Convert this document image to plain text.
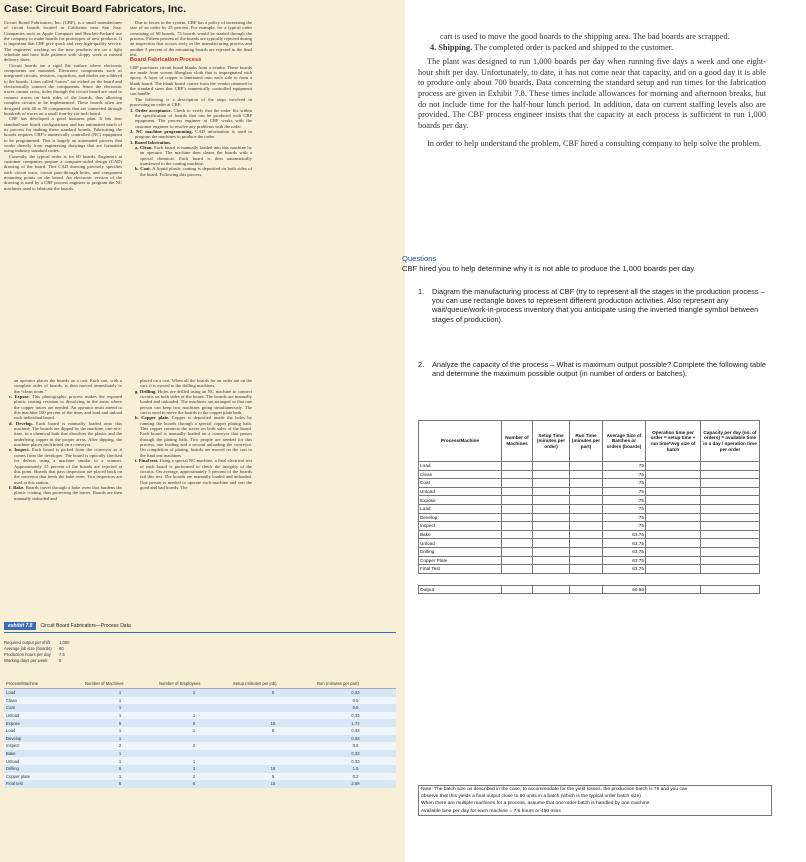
Case: Circuit Board Fabricators, Inc.

Circuit Board Fabricators, Inc. (CBF), is a small manufacturer of circuit boards located in California near San Jose. Companies such as Apple Computer and Hewlett-Packard use the company to make boards for prototypes of new products. It is important that CBF give quick and very high-quality service. The engineers working on the new products are on a tight schedule and have little patience with sloppy work or missed delivery dates.

Circuit boards are a rigid flat surface where electronic components are mounted. Electronic components such as integrated circuits, resistors, capacitors, and diodes are soldered to the boards. Lines called “traces” are etched on the board and electronically connect the components. Since the electronic traces cannot cross, holes through the circuit board are used to connect traces on both sides of the boards, thus allowing complex circuits to be implemented. These boards often are designed with 40 to 50 components that are connected through hundreds of traces on a small four-by six-inch board.

CBF has developed a good business plan. It has four standard-size board configurations and has automated much of its process for making these standard boards. Fabricating the boards requires CBF’s numerically controlled (NC) equipment to be programmed. This is largely an automated process that works directly from engineering drawings that are formatted using industry standard codes.

Currently, the typical order is for 60 boards. Engineers at customer companies prepare a computer-aided design (CAD) drawing of the board. This CAD drawing precisely specifies each circuit trace, circuit pass-through holes, and component mounting points on the board. An electronic version of the drawing is used by a CBF process engineer to program the NC machines used to fabricate the boards.

Due to losses in the system, CBF has a policy of increasing the size of an order by 25 percent. For example, for a typical order consisting of 60 boards, 75 boards would be started through the process. Fifteen percent of the boards are typically rejected during an inspection that occurs early in the manufacturing process and another 5 percent of the remaining boards are rejected in the final test.

Board Fabrication Process

CBF purchases circuit board blanks from a vendor. These boards are made from woven fiberglass cloth that is impregnated with epoxy. A layer of copper is laminated onto each side to form a blank board. The blank board comes from the vendor trimmed to the standard sizes that CBF’s numerically controlled equipment can handle.

The following is a description of the steps involved in processing an order at CBF:

1. Order acceptance. Check to verify that the order fits within the specification of boards that can be produced with CBF equipment. The process engineer at CBF works with the customer engineer to resolve any problems with the order.

2. NC machine programming. CAD information is used to program the machines to produce the order.

3. Board fabrication.

a. Clean. Each board is manually loaded into this machine by an operator. The machine then cleans the boards with a special chemical. Each board is then automatically transferred to the coating machine.

b. Coat. A liquid plastic coating is deposited on both sides of the board. Following this process,

an operator places the boards on a cart. Each cart, with a complete order of boards, is then moved immediately to the “clean room.”

c. Expose. This photographic process makes the exposed plastic coating resistant to dissolving in the areas where the copper traces are needed. An operator must attend to this machine 100 percent of the time, and load and unload each individual board.

d. Develop. Each board is manually loaded onto this machine. The boards are dipped by the machine, one-at-a-time, in a chemical bath that dissolves the plastic and the underlying copper in the proper areas. After dipping, the machine places each board on a conveyor.

e. Inspect. Each board is picked from the conveyor as it comes from the developer. The board is optically checked for defects using a machine similar to a scanner. Approximately 15 percent of the boards are rejected at this point. Boards that pass inspection are placed back on the conveyor that feeds the bake oven. Two inspectors are used at this station.

f. Bake. Boards travel through a bake oven that hardens the plastic coating, thus protecting the traces. Boards are then manually unloaded and

placed on a cart. When all the boards for an order are on the cart, it is moved to the drilling machines.

g. Drilling. Holes are drilled using an NC machine to connect circuits on both sides of the board. The boards are manually loaded and unloaded. The machines are arranged so that one person can keep two machines going simultaneously. The cart is used to move the boards to the copper plate bath.

h. Copper plate. Copper is deposited inside the holes by running the boards through a special copper plating bath. This copper connects the traces on both sides of the board. Each board is manually loaded on a conveyor that passes through the plating bath. Two people are needed for this process, one loading and a second unloading the conveyor. On completion of plating, boards are moved on the cart to the final test machines.

i. Final test. Using a special NC machine, a final electrical test of each board is performed to check the integrity of the circuits. On average, approximately 5 percent of the boards fail this test. The boards are manually loaded and unloaded. One person is needed to operate each machine and sort the good and bad boards. The

exhibit 7.8 Circuit Board Fabricators—Process Data
Required output per shift 1,000
Average job size (boards) 60
Production hours per day 7.5
Working days per week	5
Process/Machine	Number of Machines	Number of Employees	Setup (minutes per job)	Run (minutes per part)
Load	1	1	5	0.33
Clean	1			0.5
Coat	1			0.5
Unload	1	1		0.33
Expose	5	5	15	1.72
Load	1	1	5	0.33
Develop	1			0.33
Inspect	2	2		0.5
Bake	1			0.33
Unload	1	1		0.33
Drilling	6	3	15	1.5
Copper plate	1	2	5	0.2
Final test	6	6	15	2.69

cart is used to move the good boards to the shipping area. The bad boards are scrapped.

4. Shipping. The completed order is packed and shipped to the customer.

The plant was designed to run 1,000 boards per day when running five days a week and one eight-hour shift per day. Unfortunately, to date, it has not come near that capacity, and on a good day it is able to produce only about 700 boards. Data concerning the standard setup and run times for the fabrication process are given in Exhibit 7.8. These times include allowances for morning and afternoon breaks, but do not include time for the half-hour lunch period. In addition, data on current staffing levels also are provided. The CBF process engineer insists that the capacity at each process is sufficient to run 1,000 boards per day.

In order to help understand the problem, CBF hired a consulting company to help solve the problem.

Questions
CBF hired you to help determine why it is not able to produce the 1,000 boards per day.
1.	Diagram the manufacturing process at CBF (try to represent all the stages in the production process – you can use rectangle boxes to represent different production activities. Also represent any wait/queue/work-in-process inventory that you anticipate using the inverted triangle symbol between stages of production).
2.	Analyze the capacity of the process – What is maximum output possible? Complete the following table and determine the maximum possible output (in number of orders or batches).
Process/Machine	Number of Machines	Setup Time (minutes per order)	Run Time (minutes per part)	Average Size of Batches or orders (boards)	Operation time per order = setup time + run time*Avg size of batch	Capacity per day (no. of orders) = available time in a day / operation time per order
Load				75		
Clean				75		
Coat				75		
Unload				75		
Expose				75		
Load				75		
Develop				75		
Inspect				75		
Bake				63.75		
Unload				63.75		
Drilling				63.75		
Copper Plate				63.75		
Final Test				63.75		

Output				60.56		
Note: The batch size as described in the case, to accommodate for the yield losses, the production batch is 75 and you can
observe that this yields a final output close to 60 units in a batch (which is the typical order batch size)
When there are multiple machines for a process, assume that one order batch is handled by one machine.
Available time per day for each machine = 7.5 hours or 450 mins
